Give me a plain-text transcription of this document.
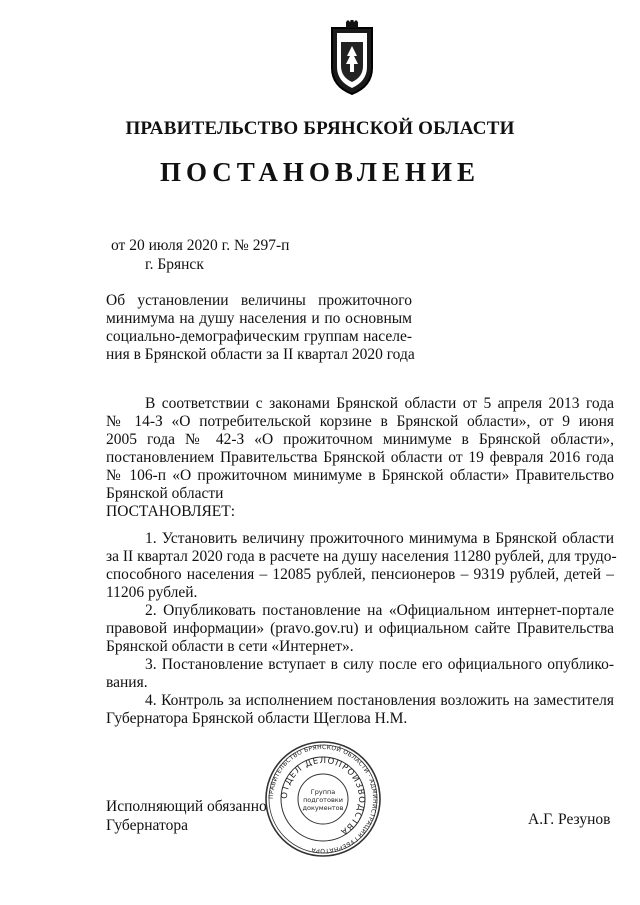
ПРАВИТЕЛЬСТВО БРЯНСКОЙ ОБЛАСТИ
ПОСТАНОВЛЕНИЕ
от 20 июля 2020 г. № 297-п
г. Брянск
Об установлении величины прожиточного
минимума на душу населения и по основным
социально-демографическим группам населе-
ния в Брянской области за II квартал 2020 года
В соответствии с законами Брянской области от 5 апреля 2013 года
№ 14-З «О потребительской корзине в Брянской области», от 9 июня
2005 года № 42-З «О прожиточном минимуме в Брянской области»,
постановлением Правительства Брянской области от 19 февраля 2016 года
№ 106-п «О прожиточном минимуме в Брянской области» Правительство
Брянской области
ПОСТАНОВЛЯЕТ:
1. Установить величину прожиточного минимума в Брянской области
за II квартал 2020 года в расчете на душу населения 11280 рублей, для трудо-
способного населения – 12085 рублей, пенсионеров – 9319 рублей, детей –
11206 рублей.
2. Опубликовать постановление на «Официальном интернет-портале
правовой информации» (pravo.gov.ru) и официальном сайте Правительства
Брянской области в сети «Интернет».
3. Постановление вступает в силу после его официального опублико-
вания.
4. Контроль за исполнением постановления возложить на заместителя
Губернатора Брянской области Щеглова Н.М.
Исполняющий обязанно
Губернатора	А.Г. Резунов
ПРАВИТЕЛЬСТВО БРЯНСКОЙ ОБЛАСТИ · АДМИНИСТРАЦИЯ ГУБЕРНАТОРА
ОТДЕЛ ДЕЛОПРОИЗВОДСТВА
Группа
подготовки
документов
